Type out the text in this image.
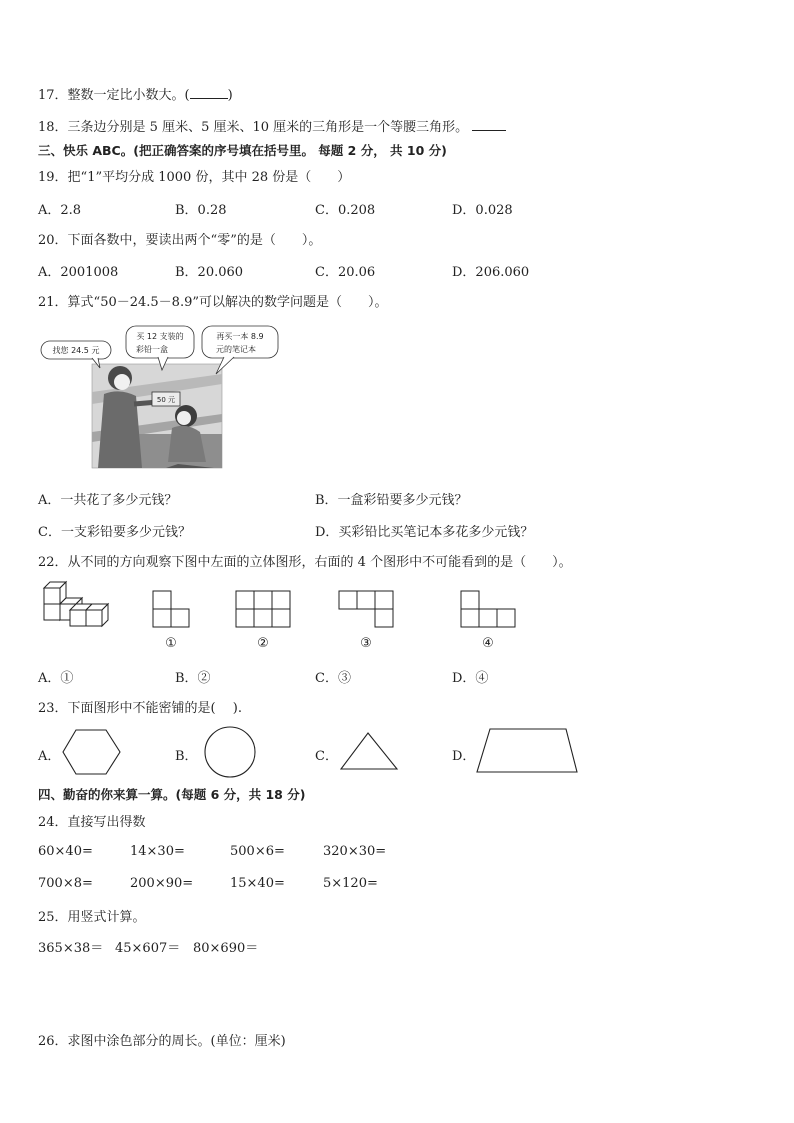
17．整数一定比小数大。(	)
18．三条边分别是 5 厘米、5 厘米、10 厘米的三角形是一个等腰三角形。
三、快乐 ABC。(把正确答案的序号填在括号里。 每题 2 分， 共 10 分)
19．把“1”平均分成 1000 份，其中 28 份是（　　）
A．2.8	B．0.28	C．0.208	D．0.028
20．下面各数中，要读出两个“零”的是（　　）。
A．2001008	B．20.060	C．20.06	D．206.060
21．算式“50－24.5－8.9”可以解决的数学问题是（　　）。
50 元
找您 24.5 元
买 12 支装的
彩铅一盒
再买一本 8.9
元的笔记本
A．一共花了多少元钱？	B．一盒彩铅要多少元钱？
C．一支彩铅要多少元钱？	D．买彩铅比买笔记本多花多少元钱？
22．从不同的方向观察下图中左面的立体图形，右面的 4 个图形中不可能看到的是（　　）。
①	②	③	④
A．①	B．②	C．③	D．④
23．下面图形中不能密铺的是(　 ).
A．	B．	C．	D．
四、勤奋的你来算一算。(每题 6 分，共 18 分)
24．直接写出得数
60×40=	14×30=	500×6=	320×30=
700×8=	200×90=	15×40=	5×120=
25．用竖式计算。
365×38＝ 45×607＝ 80×690＝
26．求图中涂色部分的周长。(单位：厘米)
